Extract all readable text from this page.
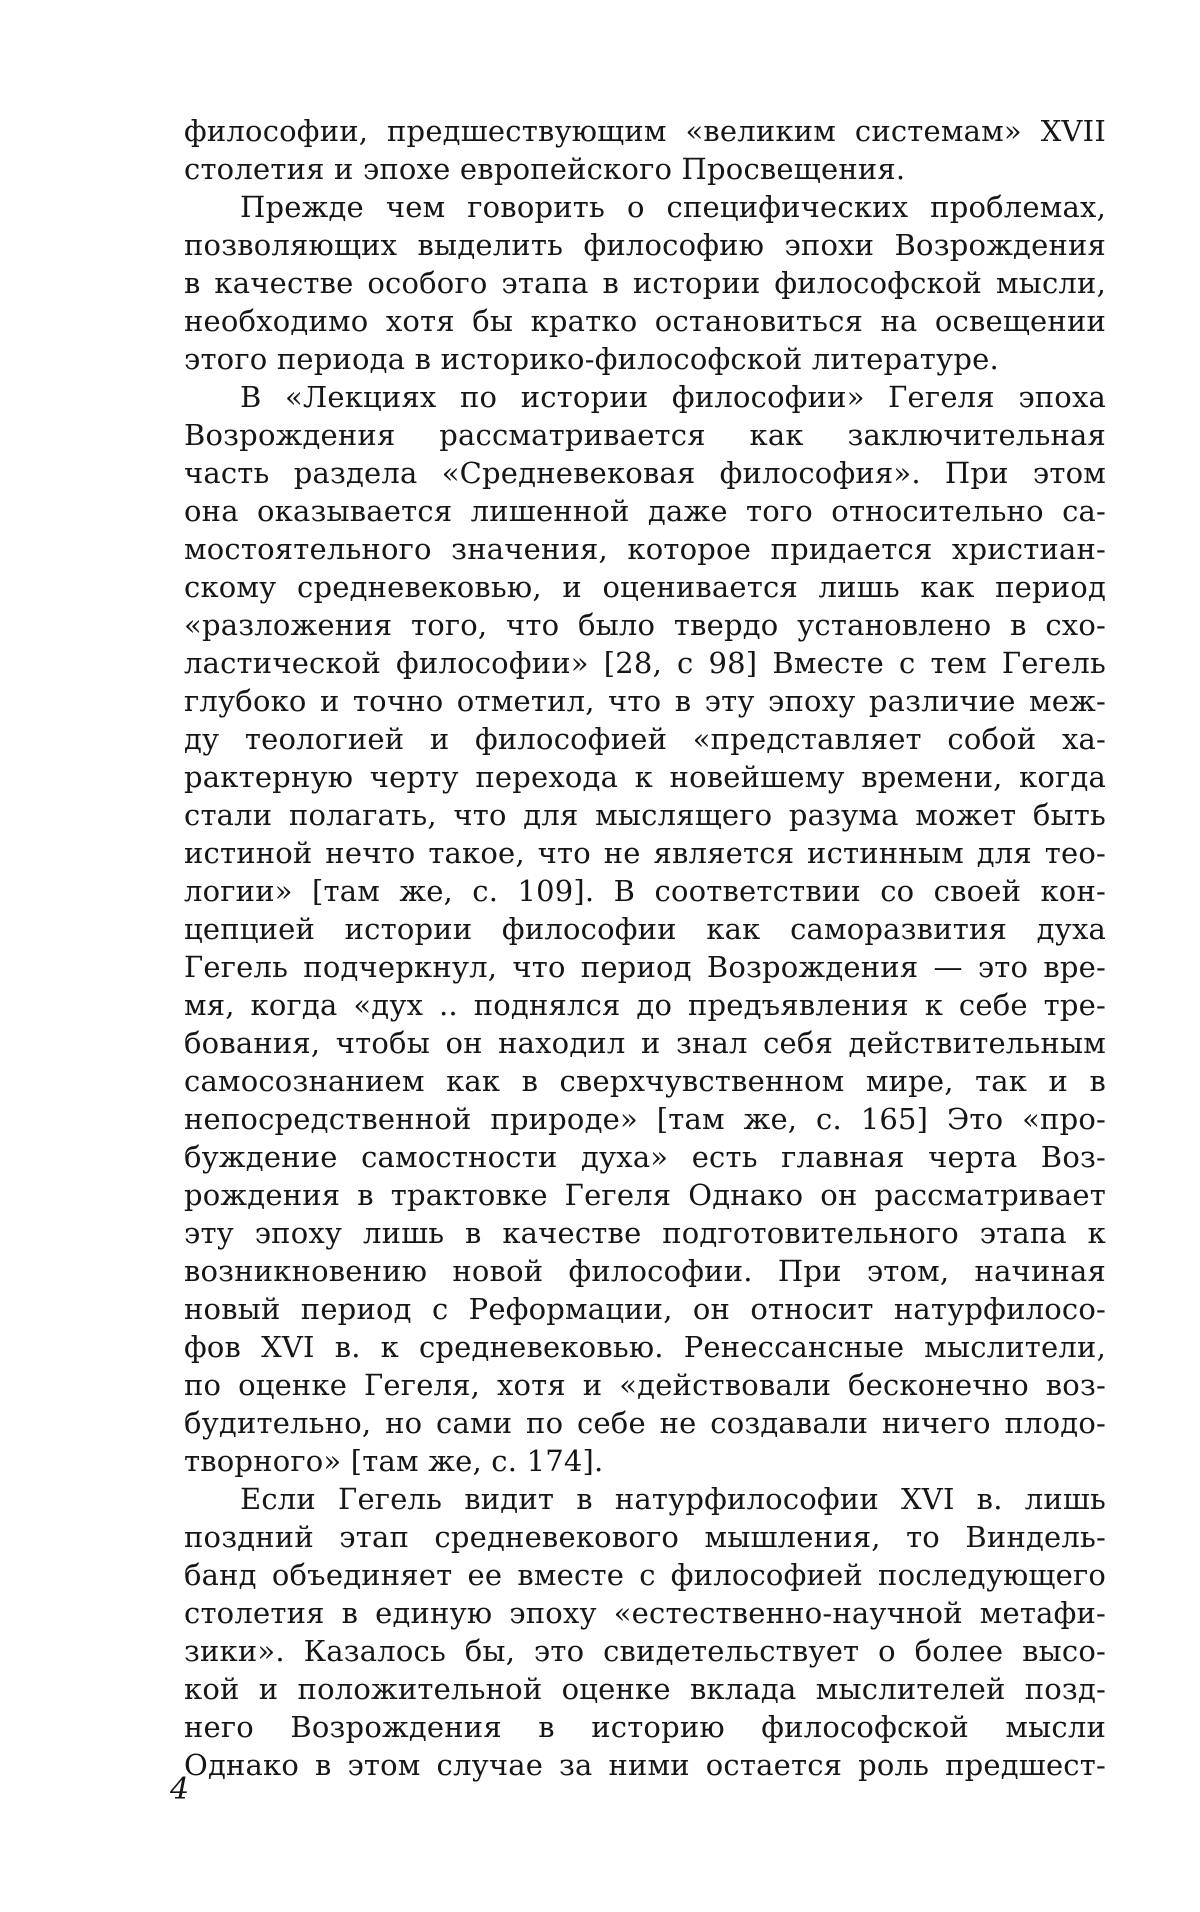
философии, предшествующим «великим системам» XVII
столетия и эпохе европейского Просвещения.
Прежде чем говорить о специфических проблемах,
позволяющих выделить философию эпохи Возрождения
в качестве особого этапа в истории философской мысли,
необходимо хотя бы кратко остановиться на освещении
этого периода в историко-философской литературе.
В «Лекциях по истории философии» Гегеля эпоха
Возрождения рассматривается как заключительная
часть раздела «Средневековая философия». При этом
она оказывается лишенной даже того относительно са-
мостоятельного значения, которое придается христиан-
скому средневековью, и оценивается лишь как период
«разложения того, что было твердо установлено в схо-
ластической философии» [28, с 98] Вместе с тем Гегель
глубоко и точно отметил, что в эту эпоху различие меж-
ду теологией и философией «представляет собой ха-
рактерную черту перехода к новейшему времени, когда
стали полагать, что для мыслящего разума может быть
истиной нечто такое, что не является истинным для тео-
логии» [там же, с. 109]. В соответствии со своей кон-
цепцией истории философии как саморазвития духа
Гегель подчеркнул, что период Возрождения — это вре-
мя, когда «дух .. поднялся до предъявления к себе тре-
бования, чтобы он находил и знал себя действительным
самосознанием как в сверхчувственном мире, так и в
непосредственной природе» [там же, с. 165] Это «про-
буждение самостности духа» есть главная черта Воз-
рождения в трактовке Гегеля Однако он рассматривает
эту эпоху лишь в качестве подготовительного этапа к
возникновению новой философии. При этом, начиная
новый период с Реформации, он относит натурфилосо-
фов XVI в. к средневековью. Ренессансные мыслители,
по оценке Гегеля, хотя и «действовали бесконечно воз-
будительно, но сами по себе не создавали ничего плодо-
творного» [там же, с. 174].
Если Гегель видит в натурфилософии XVI в. лишь
поздний этап средневекового мышления, то Виндель-
банд объединяет ее вместе с философией последующего
столетия в единую эпоху «естественно-научной метафи-
зики». Казалось бы, это свидетельствует о более высо-
кой и положительной оценке вклада мыслителей позд-
него Возрождения в историю философской мысли
Однако в этом случае за ними остается роль предшест-
4
